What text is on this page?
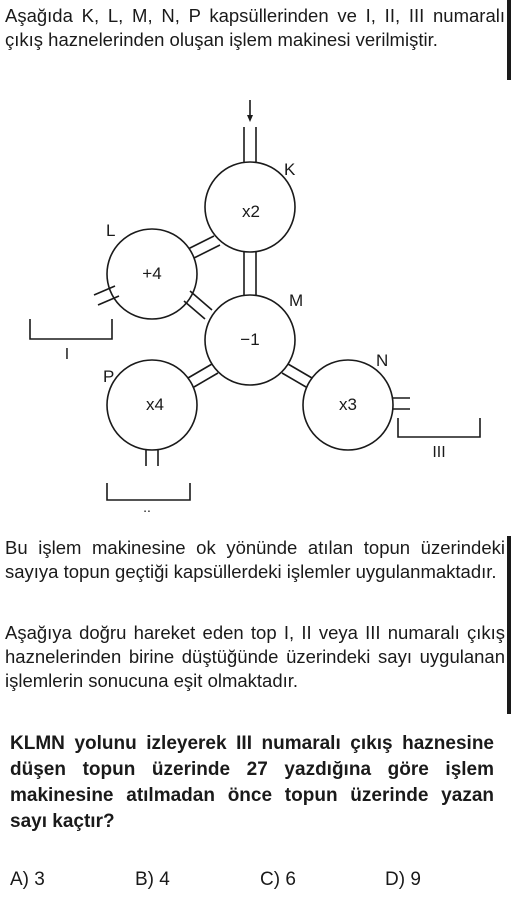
Aşağıda K, L, M, N, P kapsüllerinden ve I, II, III numaralı çıkış haznelerinden oluşan işlem makinesi verilmiştir.

K
L
M
N
P
x2
+4
−1
x3
x4
I
..
III

Bu işlem makinesine ok yönünde atılan topun üzerindeki sayıya topun geçtiği kapsüllerdeki işlemler uygulanmaktadır.

Aşağıya doğru hareket eden top I, II veya III numaralı çıkış haznelerinden birine düştüğünde üzerindeki sayı uygulanan işlemlerin sonucuna eşit olmaktadır.

KLMN yolunu izleyerek III numaralı çıkış haznesine düşen topun üzerinde 27 yazdığına göre işlem makinesine atılmadan önce topun üzerinde yazan sayı kaçtır?

A) 3	B) 4	C) 6	D) 9
